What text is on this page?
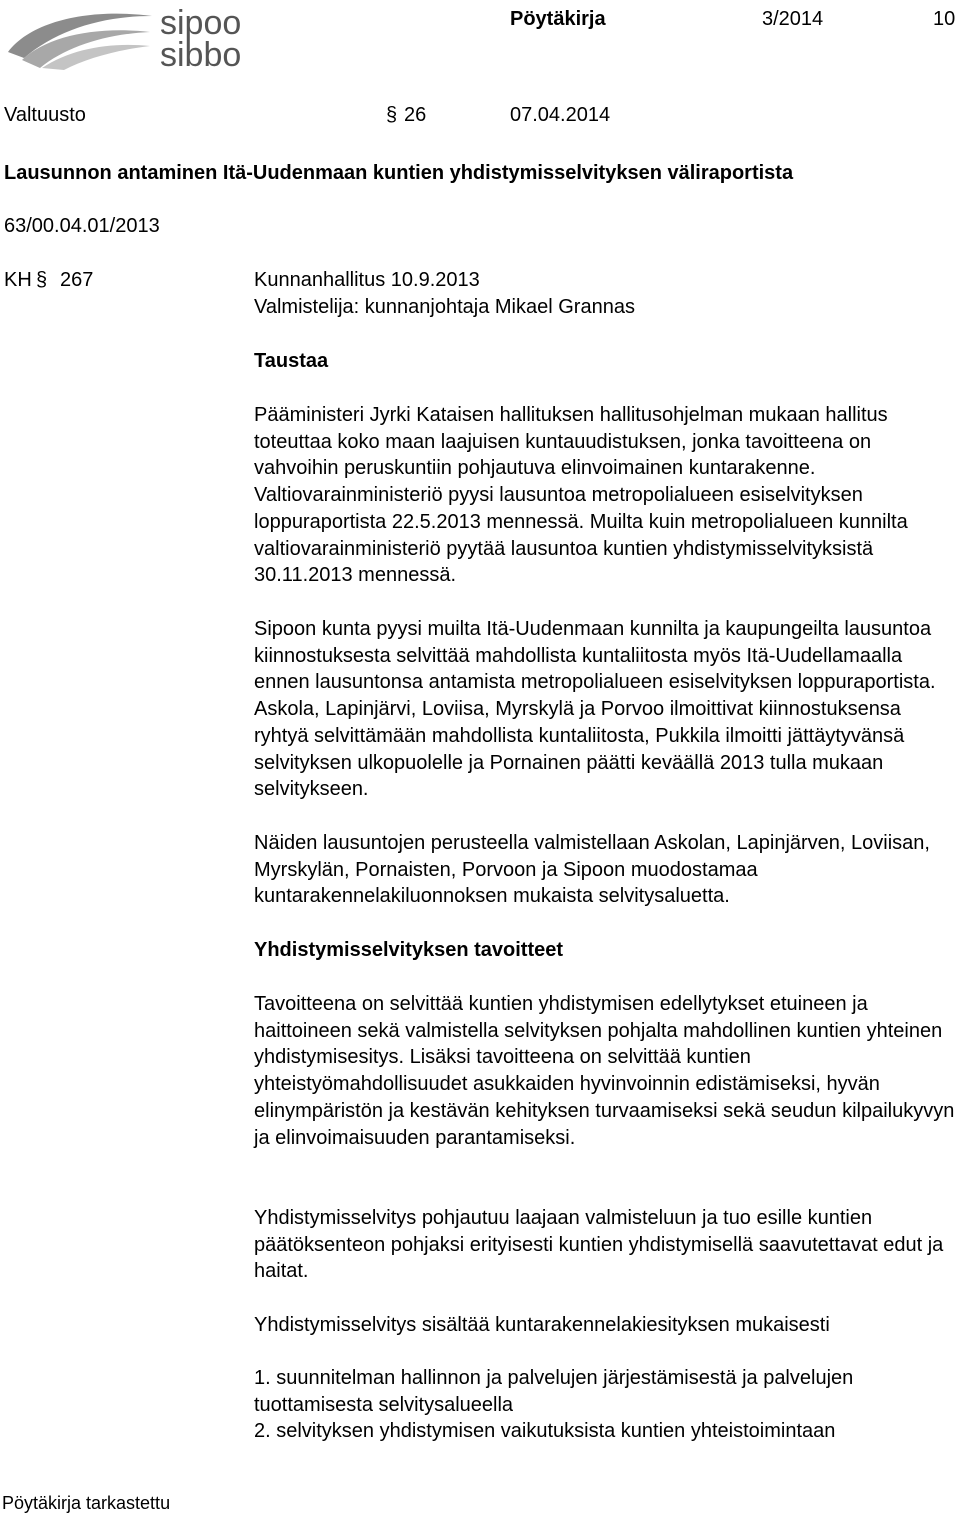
sipoo
sibbo
Pöytäkirja	3/2014	10
Valtuusto	§ 26	07.04.2014
Lausunnon antaminen Itä-Uudenmaan kuntien yhdistymisselvityksen väliraportista
63/00.04.01/2013
KH § 267	Kunnanhallitus 10.9.2013
Valmistelija: kunnanjohtaja Mikael Grannas
Taustaa

Pääministeri Jyrki Kataisen hallituksen hallitusohjelman mukaan hallitus toteuttaa koko maan laajuisen kuntauudistuksen, jonka tavoitteena on vahvoihin peruskuntiin pohjautuva elinvoimainen kuntarakenne. Valtiovarainministeriö pyysi lausuntoa metropolialueen esiselvityksen loppuraportista 22.5.2013 mennessä. Muilta kuin metropolialueen kunnilta valtiovarainministeriö pyytää lausuntoa kuntien yhdistymisselvityksistä 30.11.2013 mennessä.

Sipoon kunta pyysi muilta Itä-Uudenmaan kunnilta ja kaupungeilta lausuntoa kiinnostuksesta selvittää mahdollista kuntaliitosta myös Itä-Uudellamaalla ennen lausuntonsa antamista metropolialueen esiselvityksen loppuraportista. Askola, Lapinjärvi, Loviisa, Myrskylä ja Porvoo ilmoittivat kiinnostuksensa ryhtyä selvittämään mahdollista kuntaliitosta, Pukkila ilmoitti jättäytyvänsä selvityksen ulkopuolelle ja Pornainen päätti keväällä 2013 tulla mukaan selvitykseen.

Näiden lausuntojen perusteella valmistellaan Askolan, Lapinjärven, Loviisan, Myrskylän, Pornaisten, Porvoon ja Sipoon muodostamaa kuntarakennelakiluonnoksen mukaista selvitysaluetta.

Yhdistymisselvityksen tavoitteet

Tavoitteena on selvittää kuntien yhdistymisen edellytykset etuineen ja haittoineen sekä valmistella selvityksen pohjalta mahdollinen kuntien yhteinen yhdistymisesitys. Lisäksi tavoitteena on selvittää kuntien yhteistyömahdollisuudet asukkaiden hyvinvoinnin edistämiseksi, hyvän elinympäristön ja kestävän kehityksen turvaamiseksi sekä seudun kilpailukyvyn ja elinvoimaisuuden parantamiseksi.

Yhdistymisselvitys pohjautuu laajaan valmisteluun ja tuo esille kuntien päätöksenteon pohjaksi erityisesti kuntien yhdistymisellä saavutettavat edut ja haitat.

Yhdistymisselvitys sisältää kuntarakennelakiesityksen mukaisesti

1. suunnitelman hallinnon ja palvelujen järjestämisestä ja palvelujen tuottamisesta selvitysalueella

2. selvityksen yhdistymisen vaikutuksista kuntien yhteistoimintaan

Pöytäkirja tarkastettu
